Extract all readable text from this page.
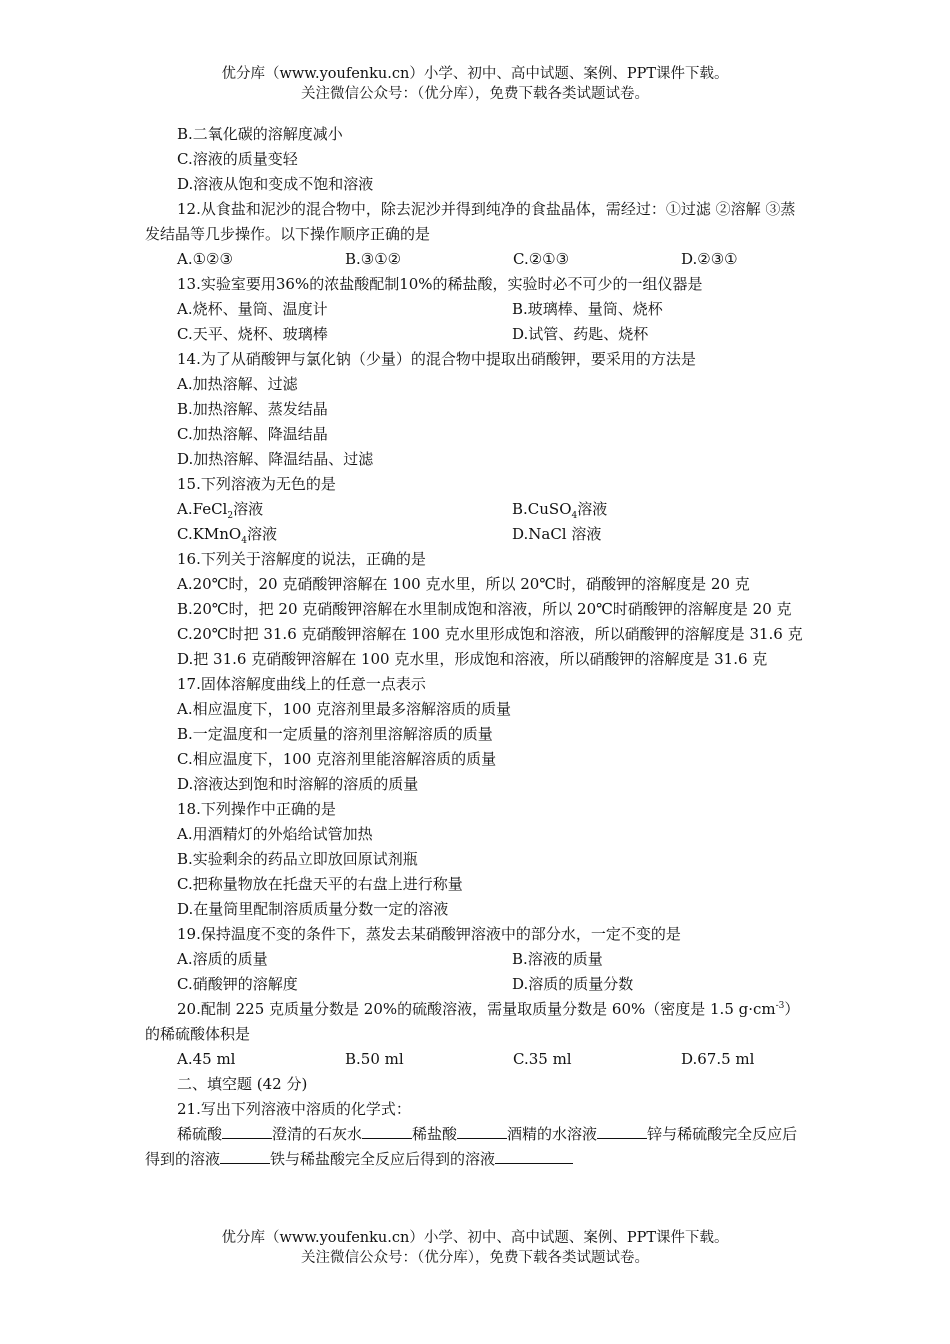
优分库（www.youfenku.cn）小学、初中、高中试题、案例、PPT课件下载。
关注微信公众号：（优分库），免费下载各类试题试卷。
B.二氧化碳的溶解度减小
C.溶液的质量变轻
D.溶液从饱和变成不饱和溶液
12.从食盐和泥沙的混合物中，除去泥沙并得到纯净的食盐晶体，需经过：①过滤 ②溶解 ③蒸发结晶等几步操作。以下操作顺序正确的是
A.①②③	B.③①②	C.②①③	D.②③①
13.实验室要用36%的浓盐酸配制10%的稀盐酸，实验时必不可少的一组仪器是
A.烧杯、量筒、温度计	B.玻璃棒、量筒、烧杯
C.天平、烧杯、玻璃棒	D.试管、药匙、烧杯
14.为了从硝酸钾与氯化钠（少量）的混合物中提取出硝酸钾，要采用的方法是
A.加热溶解、过滤
B.加热溶解、蒸发结晶
C.加热溶解、降温结晶
D.加热溶解、降温结晶、过滤
15.下列溶液为无色的是
A.FeCl$_2$溶液	B.CuSO$_4$溶液
C.KMnO$_4$溶液	D.NaCl 溶液
16.下列关于溶解度的说法，正确的是
A.20℃时，20 克硝酸钾溶解在 100 克水里，所以 20℃时，硝酸钾的溶解度是 20 克
B.20℃时，把 20 克硝酸钾溶解在水里制成饱和溶液，所以 20℃时硝酸钾的溶解度是 20 克
C.20℃时把 31.6 克硝酸钾溶解在 100 克水里形成饱和溶液，所以硝酸钾的溶解度是 31.6 克
D.把 31.6 克硝酸钾溶解在 100 克水里，形成饱和溶液，所以硝酸钾的溶解度是 31.6 克
17.固体溶解度曲线上的任意一点表示
A.相应温度下，100 克溶剂里最多溶解溶质的质量
B.一定温度和一定质量的溶剂里溶解溶质的质量
C.相应温度下，100 克溶剂里能溶解溶质的质量
D.溶液达到饱和时溶解的溶质的质量
18.下列操作中正确的是
A.用酒精灯的外焰给试管加热
B.实验剩余的药品立即放回原试剂瓶
C.把称量物放在托盘天平的右盘上进行称量
D.在量筒里配制溶质质量分数一定的溶液
19.保持温度不变的条件下，蒸发去某硝酸钾溶液中的部分水，一定不变的是
A.溶质的质量	B.溶液的质量
C.硝酸钾的溶解度	D.溶质的质量分数
20.配制 225 克质量分数是 20%的硫酸溶液，需量取质量分数是 60%（密度是 1.5 $g\cdot cm^{-3}$）的稀硫酸体积是
A.45 ml	B.50 ml	C.35 ml	D.67.5 ml
二、填空题 (42 分)
21.写出下列溶液中溶质的化学式：
稀硫酸	澄清的石灰水	稀盐酸	酒精的水溶液	锌与稀硫酸完全反应后得到的溶液	铁与稀盐酸完全反应后得到的溶液
优分库（www.youfenku.cn）小学、初中、高中试题、案例、PPT课件下载。
关注微信公众号：（优分库），免费下载各类试题试卷。
